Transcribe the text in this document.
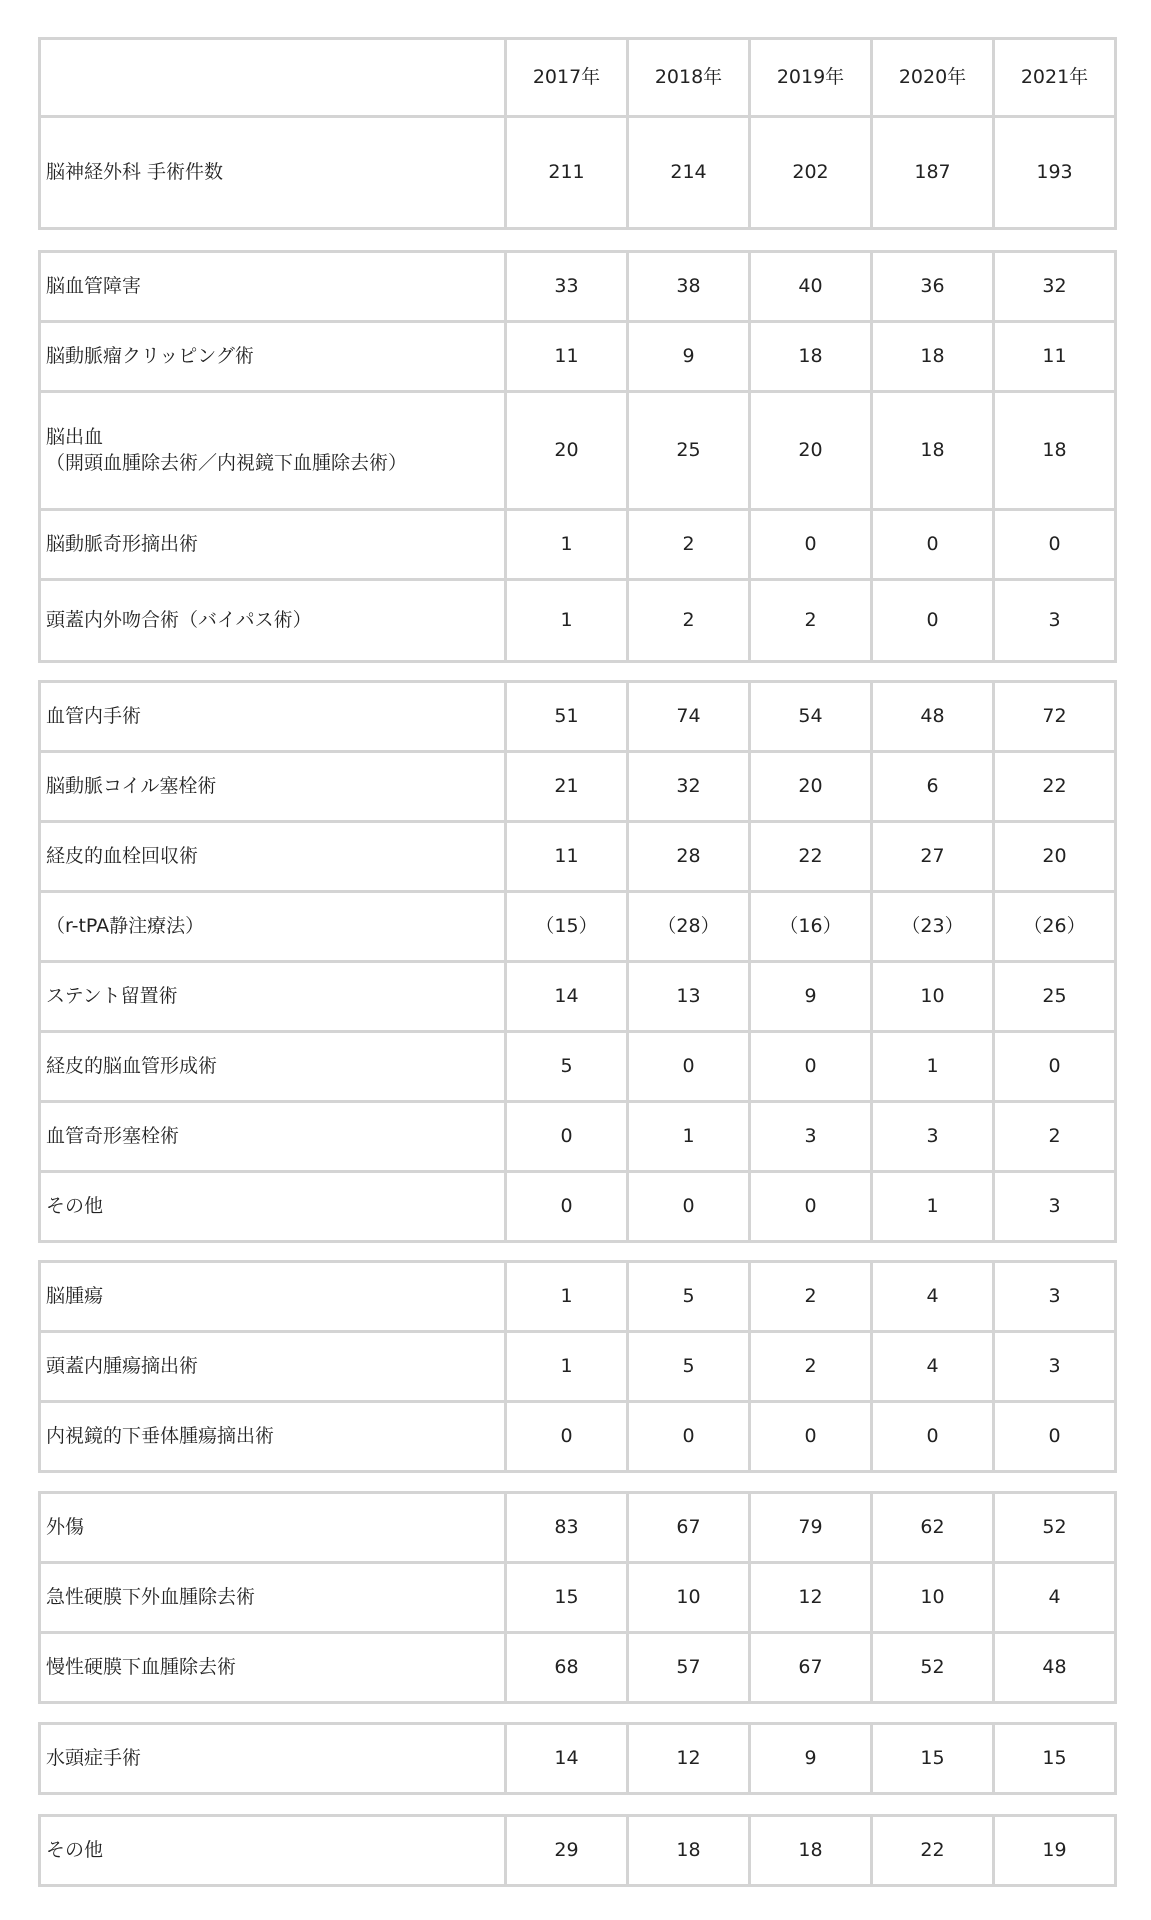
	2017年	2018年	2019年	2020年	2021年
脳神経外科 手術件数	211	214	202	187	193
脳血管障害	33	38	40	36	32
脳動脈瘤クリッピング術	11	9	18	18	11

脳出血
（開頭血腫除去術／内視鏡下血腫除去術）	20	25	20	18	18
脳動脈奇形摘出術	1	2	0	0	0
頭蓋内外吻合術（バイパス術）	1	2	2	0	3
血管内手術	51	74	54	48	72
脳動脈コイル塞栓術	21	32	20	6	22
経皮的血栓回収術	11	28	22	27	20
（r-tPA静注療法）	（15）	（28）	（16）	（23）	（26）
ステント留置術	14	13	9	10	25
経皮的脳血管形成術	5	0	0	1	0
血管奇形塞栓術	0	1	3	3	2
その他	0	0	0	1	3
脳腫瘍	1	5	2	4	3
頭蓋内腫瘍摘出術	1	5	2	4	3
内視鏡的下垂体腫瘍摘出術	0	0	0	0	0
外傷	83	67	79	62	52
急性硬膜下外血腫除去術	15	10	12	10	4
慢性硬膜下血腫除去術	68	57	67	52	48
水頭症手術	14	12	9	15	15
その他	29	18	18	22	19
